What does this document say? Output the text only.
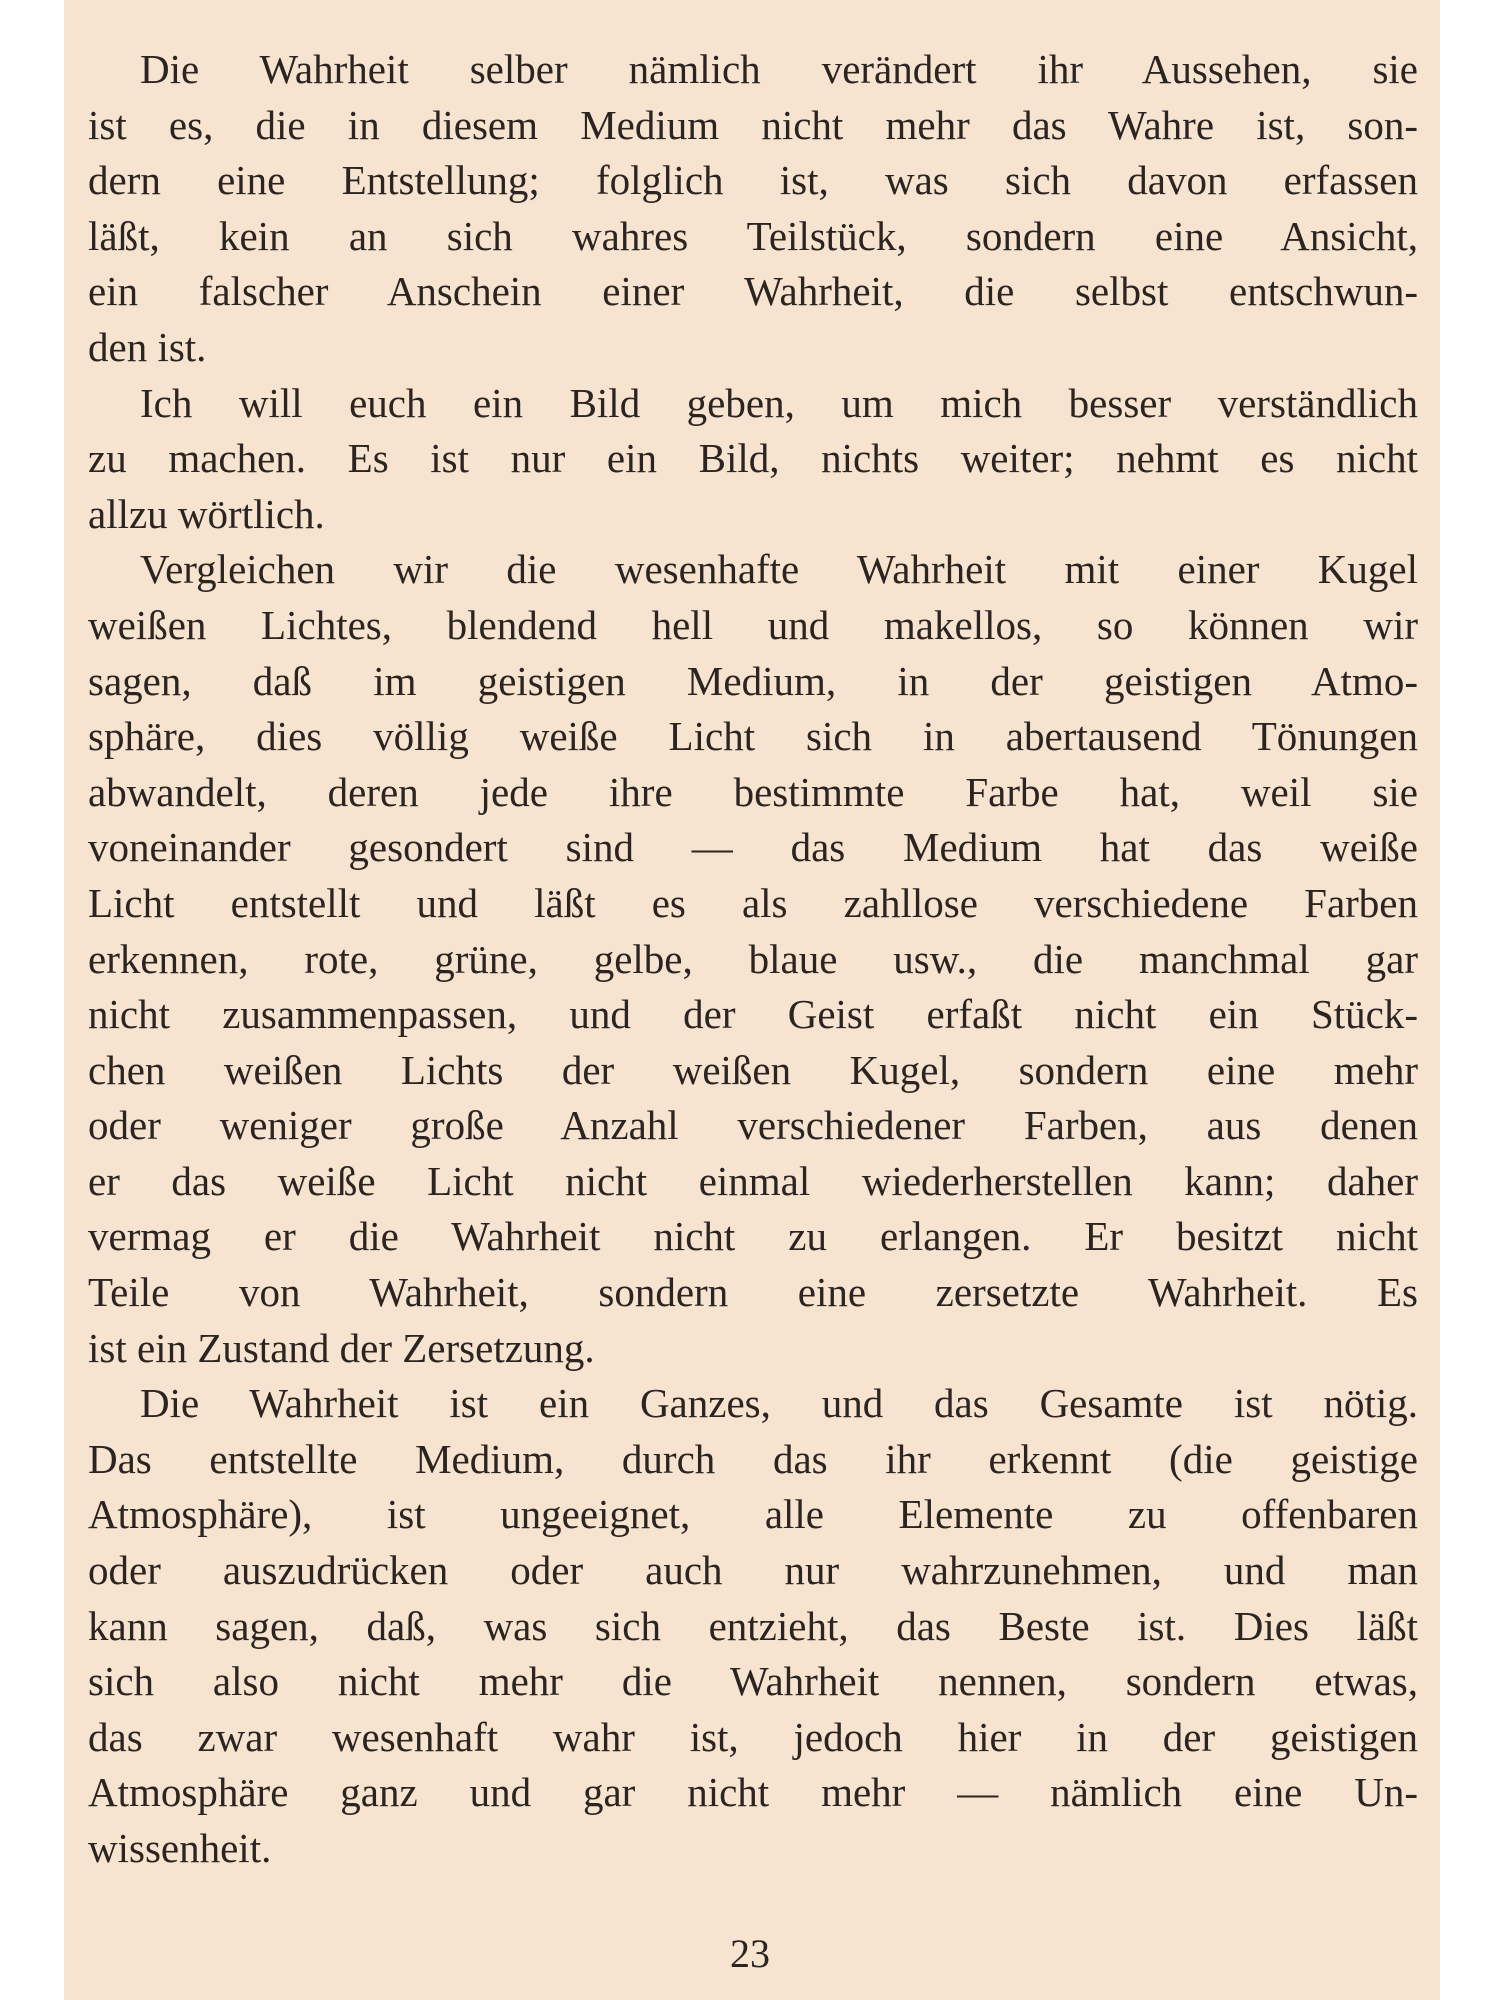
Die Wahrheit selber nämlich verändert ihr Aussehen, sie
ist es, die in diesem Medium nicht mehr das Wahre ist, son-
dern eine Entstellung; folglich ist, was sich davon erfassen
läßt, kein an sich wahres Teilstück, sondern eine Ansicht,
ein falscher Anschein einer Wahrheit, die selbst entschwun-
den ist.
Ich will euch ein Bild geben, um mich besser verständlich
zu machen. Es ist nur ein Bild, nichts weiter; nehmt es nicht
allzu wörtlich.
Vergleichen wir die wesenhafte Wahrheit mit einer Kugel
weißen Lichtes, blendend hell und makellos, so können wir
sagen, daß im geistigen Medium, in der geistigen Atmo-
sphäre, dies völlig weiße Licht sich in abertausend Tönungen
abwandelt, deren jede ihre bestimmte Farbe hat, weil sie
voneinander gesondert sind — das Medium hat das weiße
Licht entstellt und läßt es als zahllose verschiedene Farben
erkennen, rote, grüne, gelbe, blaue usw., die manchmal gar
nicht zusammenpassen, und der Geist erfaßt nicht ein Stück-
chen weißen Lichts der weißen Kugel, sondern eine mehr
oder weniger große Anzahl verschiedener Farben, aus denen
er das weiße Licht nicht einmal wiederherstellen kann; daher
vermag er die Wahrheit nicht zu erlangen. Er besitzt nicht
Teile von Wahrheit, sondern eine zersetzte Wahrheit. Es
ist ein Zustand der Zersetzung.
Die Wahrheit ist ein Ganzes, und das Gesamte ist nötig.
Das entstellte Medium, durch das ihr erkennt (die geistige
Atmosphäre), ist ungeeignet, alle Elemente zu offenbaren
oder auszudrücken oder auch nur wahrzunehmen, und man
kann sagen, daß, was sich entzieht, das Beste ist. Dies läßt
sich also nicht mehr die Wahrheit nennen, sondern etwas,
das zwar wesenhaft wahr ist, jedoch hier in der geistigen
Atmosphäre ganz und gar nicht mehr — nämlich eine Un-
wissenheit.
23
